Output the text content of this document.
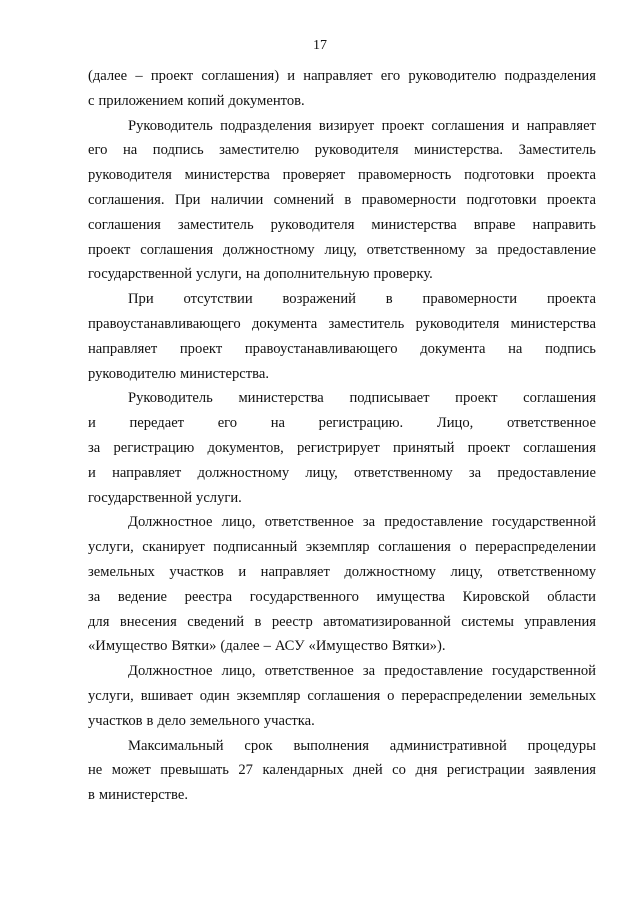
17
(далее – проект соглашения) и направляет его руководителю подразделения
с приложением копий документов.
Руководитель подразделения визирует проект соглашения и направляет
его на подпись заместителю руководителя министерства. Заместитель
руководителя министерства проверяет правомерность подготовки проекта
соглашения. При наличии сомнений в правомерности подготовки проекта
соглашения заместитель руководителя министерства вправе направить
проект соглашения должностному лицу, ответственному за предоставление
государственной услуги, на дополнительную проверку.
При отсутствии возражений в правомерности проекта
правоустанавливающего документа заместитель руководителя министерства
направляет проект правоустанавливающего документа на подпись
руководителю министерства.
Руководитель министерства подписывает проект соглашения
и передает его на регистрацию. Лицо, ответственное
за регистрацию документов, регистрирует принятый проект соглашения
и направляет должностному лицу, ответственному за предоставление
государственной услуги.
Должностное лицо, ответственное за предоставление государственной
услуги, сканирует подписанный экземпляр соглашения о перераспределении
земельных участков и направляет должностному лицу, ответственному
за ведение реестра государственного имущества Кировской области
для внесения сведений в реестр автоматизированной системы управления
«Имущество Вятки» (далее – АСУ «Имущество Вятки»).
Должностное лицо, ответственное за предоставление государственной
услуги, вшивает один экземпляр соглашения о перераспределении земельных
участков в дело земельного участка.
Максимальный срок выполнения административной процедуры
не может превышать 27 календарных дней со дня регистрации заявления
в министерстве.
